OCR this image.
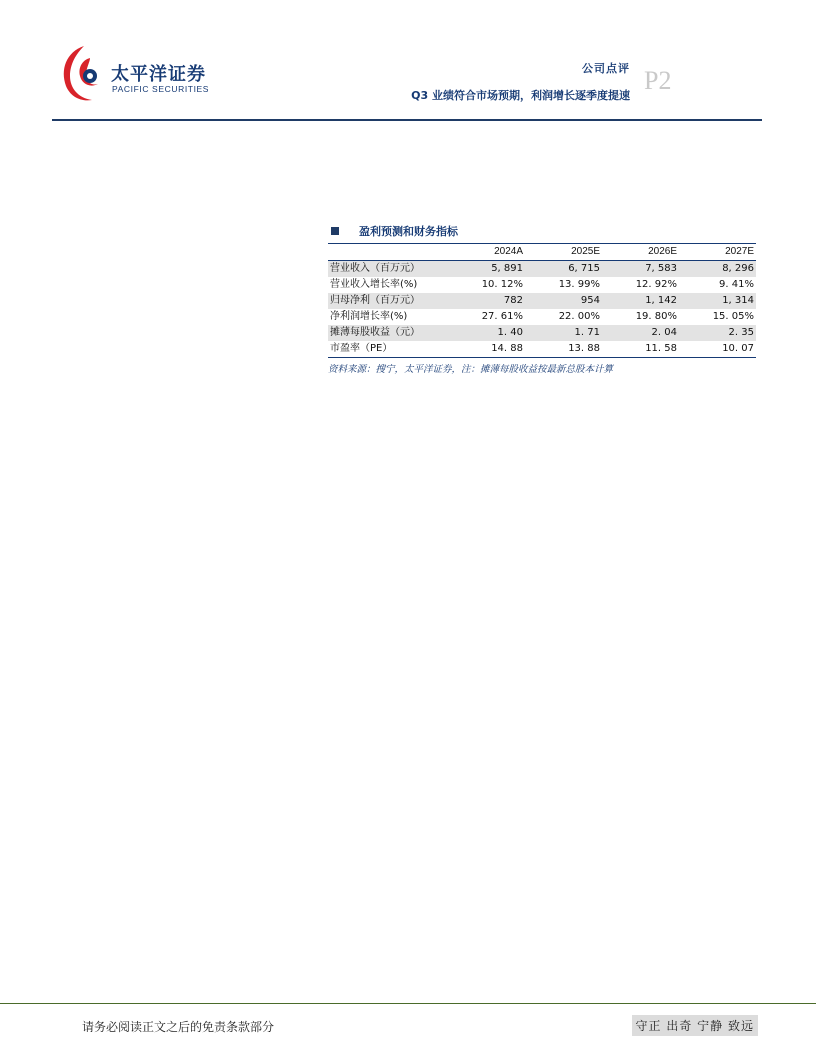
太平洋证券
PACIFIC SECURITIES
公司点评 P2
Q3 业绩符合市场预期，利润增长逐季度提速
盈利预测和财务指标
	2024A	2025E	2026E	2027E
营业收入（百万元）	5, 891	6, 715	7, 583	8, 296
营业收入增长率(%)	10. 12%	13. 99%	12. 92%	9. 41%
归母净利（百万元）	782	954	1, 142	1, 314
净利润增长率(%)	27. 61%	22. 00%	19. 80%	15. 05%
摊薄每股收益（元）	1. 40	1. 71	2. 04	2. 35
市盈率（PE）	14. 88	13. 88	11. 58	10. 07
资料来源：搜宁，太平洋证券，注：摊薄每股收益按最新总股本计算
请务必阅读正文之后的免责条款部分	守正 出奇 宁静 致远
